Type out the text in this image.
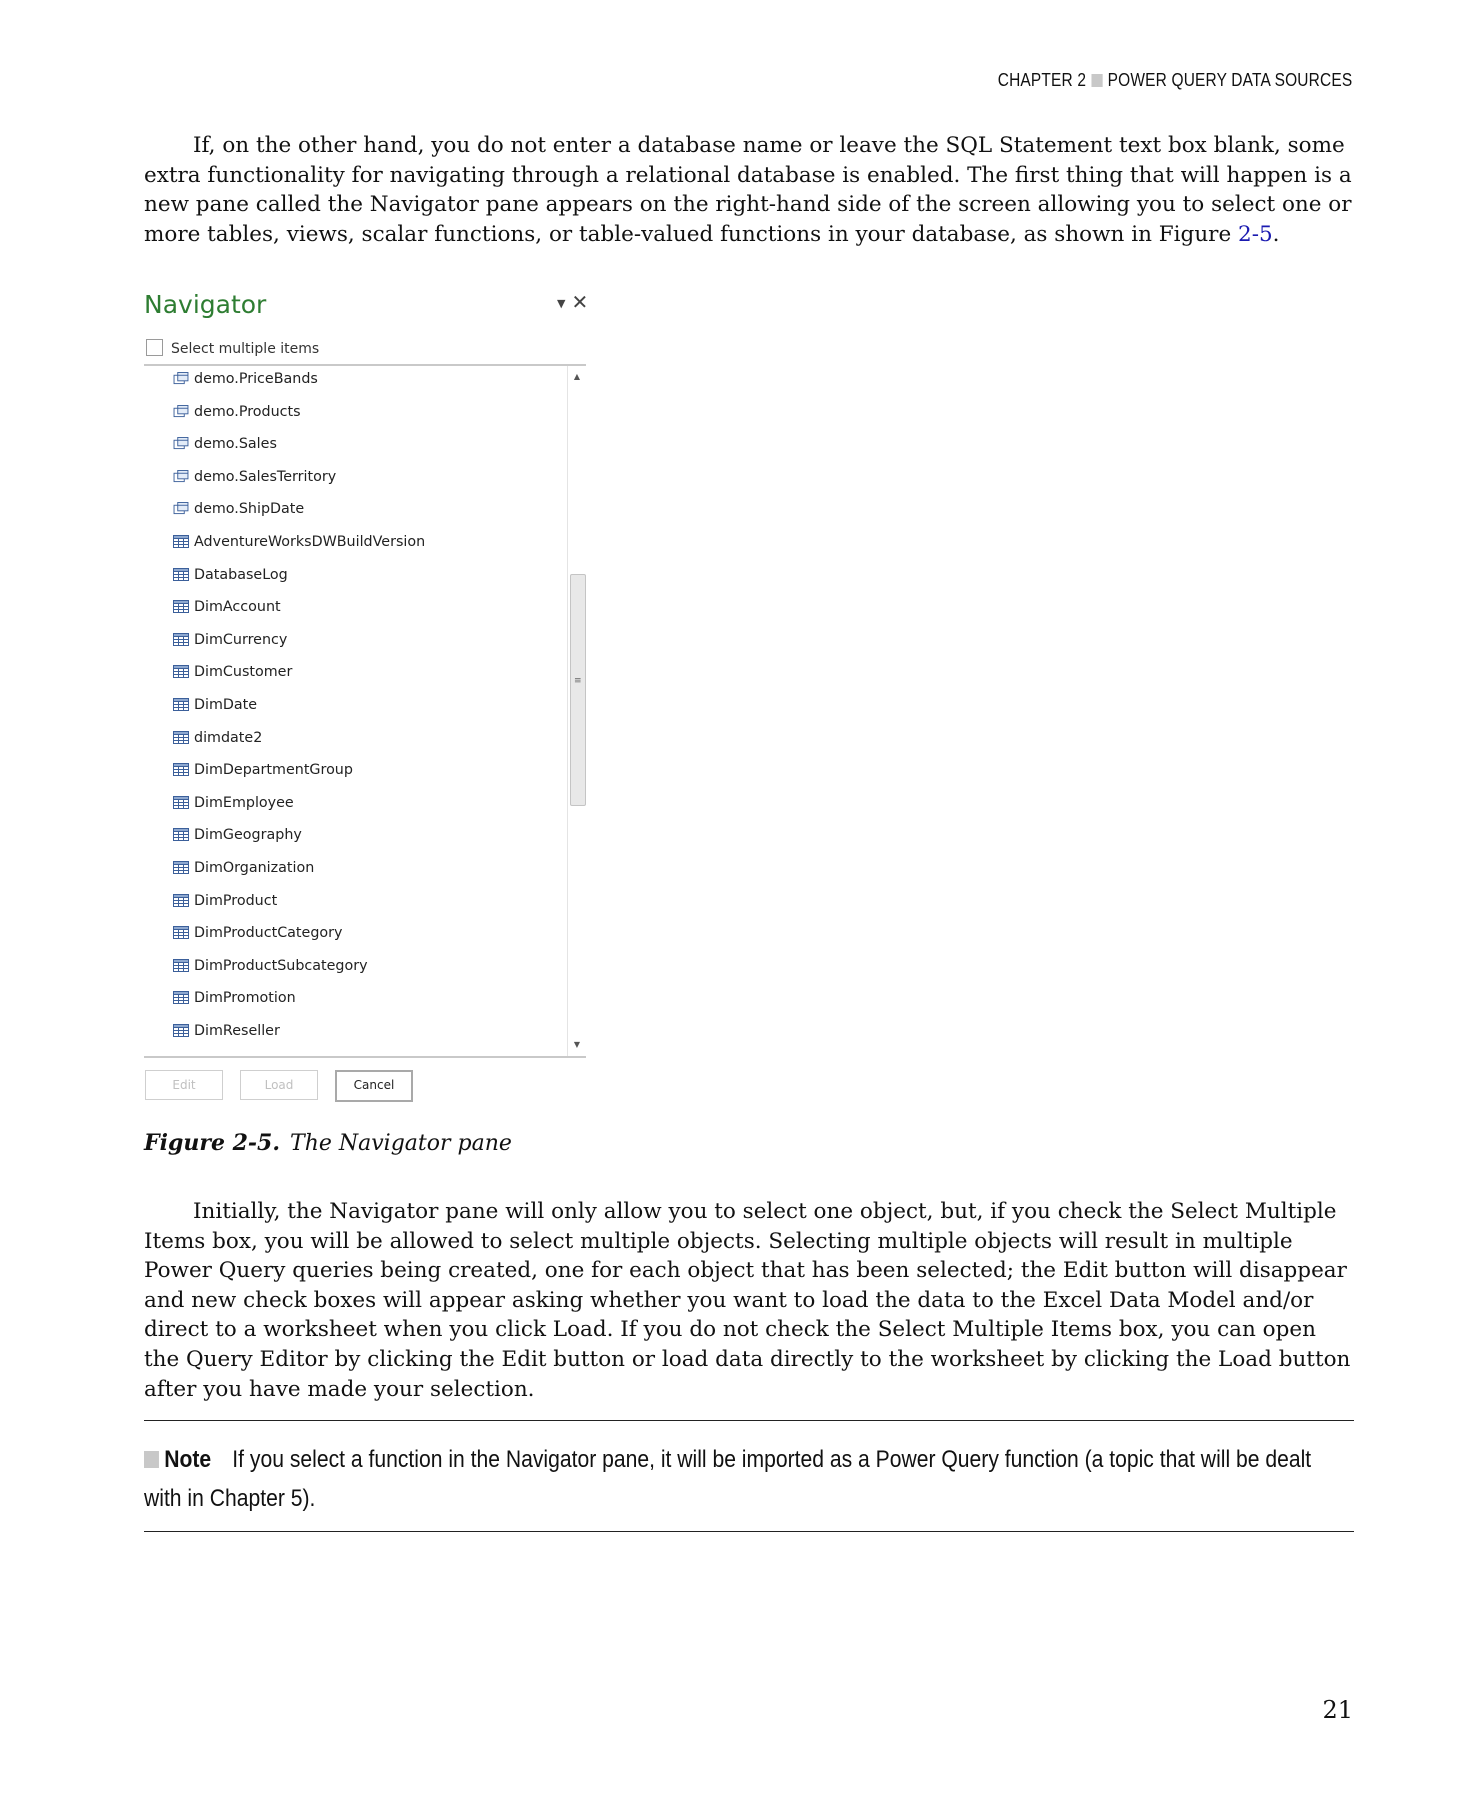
CHAPTER 2 POWER QUERY DATA SOURCES

If, on the other hand, you do not enter a database name or leave the SQL Statement text box blank, some extra functionality for navigating through a relational database is enabled. The first thing that will happen is a new pane called the Navigator pane appears on the right-hand side of the screen allowing you to select one or more tables, views, scalar functions, or table-valued functions in your database, as shown in Figure 2-5.

Navigator	▼ ✕
Select multiple items
▲
≡
▼
demo.PriceBands
demo.Products
demo.Sales
demo.SalesTerritory
demo.ShipDate
AdventureWorksDWBuildVersion
DatabaseLog
DimAccount
DimCurrency
DimCustomer
DimDate
dimdate2
DimDepartmentGroup
DimEmployee
DimGeography
DimOrganization
DimProduct
DimProductCategory
DimProductSubcategory
DimPromotion
DimReseller
Edit	Load	Cancel
Figure 2-5. The Navigator pane

Initially, the Navigator pane will only allow you to select one object, but, if you check the Select Multiple Items box, you will be allowed to select multiple objects. Selecting multiple objects will result in multiple Power Query queries being created, one for each object that has been selected; the Edit button will disappear and new check boxes will appear asking whether you want to load the data to the Excel Data Model and/or direct to a worksheet when you click Load. If you do not check the Select Multiple Items box, you can open the Query Editor by clicking the Edit button or load data directly to the worksheet by clicking the Load button after you have made your selection.

Note If you select a function in the Navigator pane, it will be imported as a Power Query function (a topic that will be dealt with in Chapter 5).
21
